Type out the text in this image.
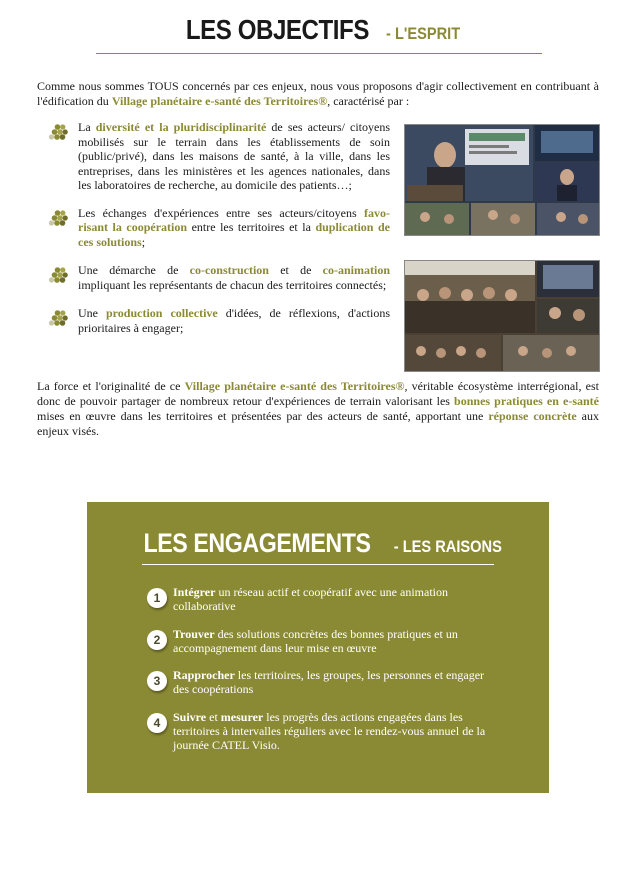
LES OBJECTIFS - L'ESPRIT

Comme nous sommes TOUS concernés par ces enjeux, nous vous proposons d'agir collectivement en contribuant à l'édification du Village planétaire e-santé des Territoires®, caractérisé par :

La diversité et la pluridisciplinarité de ses acteurs/ citoyens mobilisés sur le terrain dans les établissements de soin (public/privé), dans les maisons de santé, à la ville, dans les entreprises, dans les ministères et les agences nationales, dans les laboratoires de recherche, au domicile des patients…;
Les échanges d'expériences entre ses acteurs/citoyens favorisant la coopération entre les territoires et la duplication de ces solutions;
Une démarche de co-construction et de co-animation impliquant les représentants de chacun des territoires connectés;
Une production collective d'idées, de réflexions, d'actions prioritaires à engager;

La force et l'originalité de ce Village planétaire e-santé des Territoires®, véritable écosystème interrégional, est donc de pouvoir partager de nombreux retour d'expériences de terrain valorisant les bonnes pratiques en e-santé mises en œuvre dans les territoires et présentées par des acteurs de santé, apportant une réponse concrète aux enjeux visés.

LES ENGAGEMENTS - LES RAISONS
1	Intégrer un réseau actif et coopératif avec une animation collaborative
2	Trouver des solutions concrètes des bonnes pratiques et un accompagnement dans leur mise en œuvre
3	Rapprocher les territoires, les groupes, les personnes et engager des coopérations
4	Suivre et mesurer les progrès des actions engagées dans les territoires à intervalles réguliers avec le rendez-vous annuel de la journée CATEL Visio.
